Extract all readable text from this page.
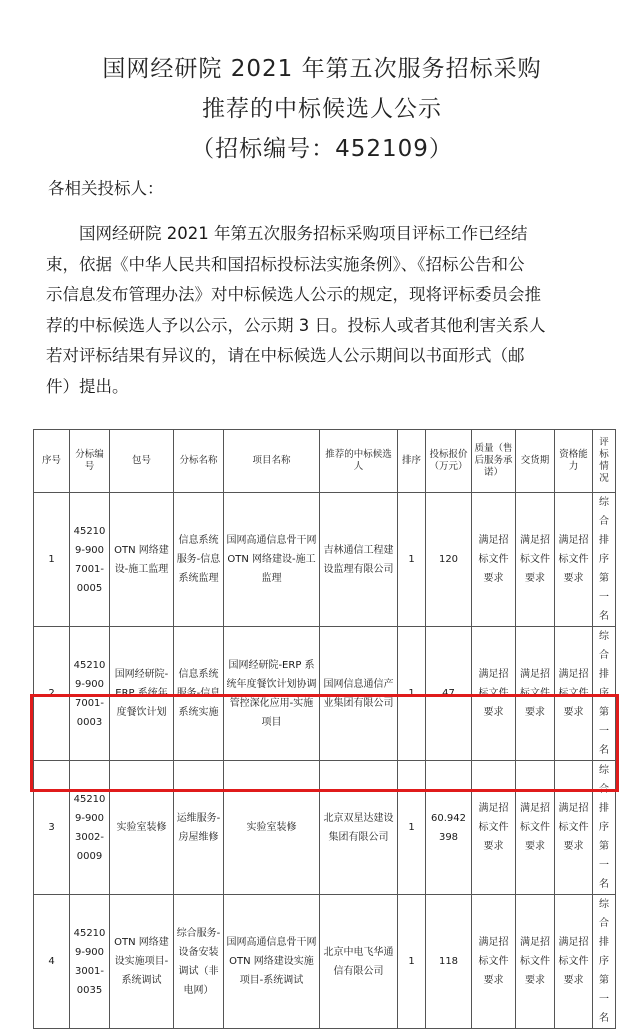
国网经研院 2021 年第五次服务招标采购
推荐的中标候选人公示
（招标编号：452109）
各相关投标人：
国网经研院 2021 年第五次服务招标采购项目评标工作已经结
束，依据《中华人民共和国招标投标法实施条例》、《招标公告和公
示信息发布管理办法》对中标候选人公示的规定，现将评标委员会推
荐的中标候选人予以公示，公示期 3 日。投标人或者其他利害关系人
若对评标结果有异议的，请在中标候选人公示期间以书面形式（邮
件）提出。
序号	分标编号	包号	分标名称	项目名称	推荐的中标候选人	排序	投标报价（万元）	质量（售后服务承诺）	交货期	资格能力	评标情况
1	452109-9007001-0005	OTN 网络建设-施工监理	信息系统服务-信息系统监理	国网高通信息骨干网 OTN 网络建设-施工监理	吉林通信工程建设监理有限公司	1	120	满足招标文件要求	满足招标文件要求	满足招标文件要求	综合排序第一名
2	452109-9007001-0003	国网经研院-ERP 系统年度餐饮计划	信息系统服务-信息系统实施	国网经研院-ERP 系统年度餐饮计划协调管控深化应用-实施项目	国网信息通信产业集团有限公司	1	47	满足招标文件要求	满足招标文件要求	满足招标文件要求	综合排序第一名
3	452109-9003002-0009	实验室装修	运维服务-房屋维修	实验室装修	北京双星达建设集团有限公司	1	60.942398	满足招标文件要求	满足招标文件要求	满足招标文件要求	综合排序第一名
4	452109-9003001-0035	OTN 网络建设实施项目-系统调试	综合服务-设备安装调试（非电网）	国网高通信息骨干网 OTN 网络建设实施项目-系统调试	北京中电飞华通信有限公司	1	118	满足招标文件要求	满足招标文件要求	满足招标文件要求	综合排序第一名
